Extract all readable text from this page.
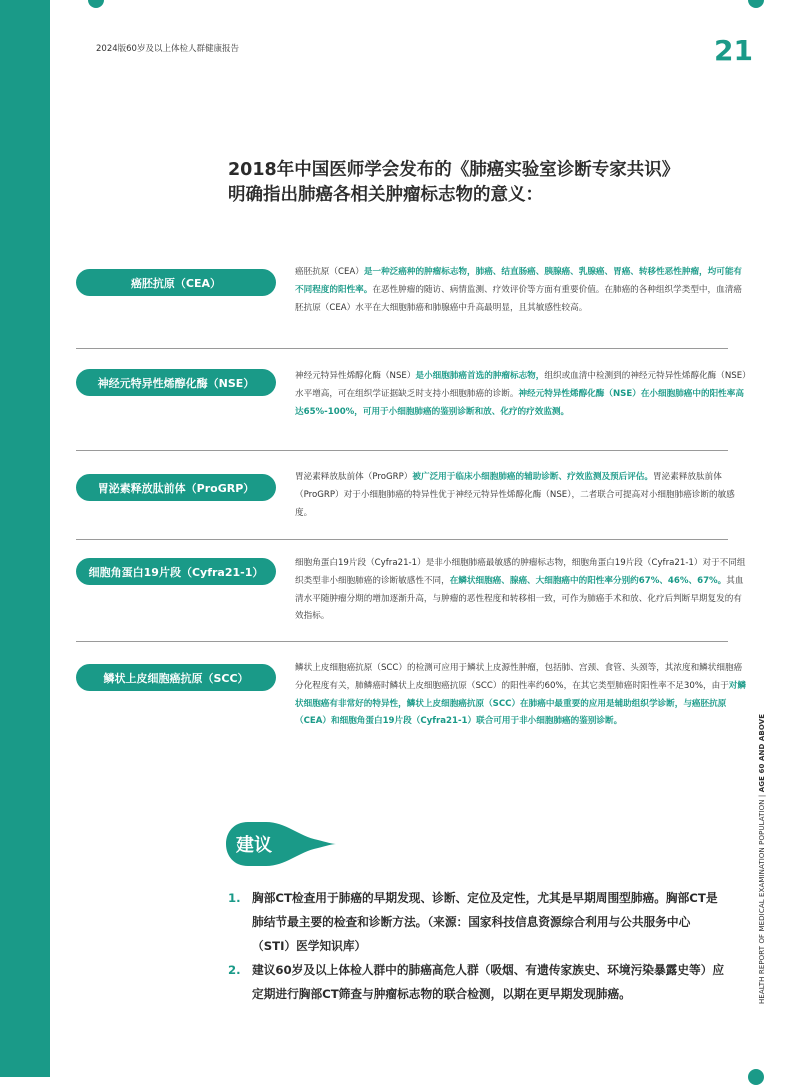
2024版60岁及以上体检人群健康报告	21
2018年中国医师学会发布的《肺癌实验室诊断专家共识》
明确指出肺癌各相关肿瘤标志物的意义：
癌胚抗原（CEA）
癌胚抗原（CEA）是一种泛癌种的肿瘤标志物，肺癌、结直肠癌、胰腺癌、乳腺癌、胃癌、转移性恶性肿瘤，均可能有不同程度的阳性率。在恶性肿瘤的随访、病情监测、疗效评价等方面有重要价值。在肺癌的各种组织学类型中，血清癌胚抗原（CEA）水平在大细胞肺癌和肺腺癌中升高最明显，且其敏感性较高。
神经元特异性烯醇化酶（NSE）
神经元特异性烯醇化酶（NSE）是小细胞肺癌首选的肿瘤标志物，组织或血清中检测到的神经元特异性烯醇化酶（NSE）水平增高，可在组织学证据缺乏时支持小细胞肺癌的诊断。神经元特异性烯醇化酶（NSE）在小细胞肺癌中的阳性率高达65%-100%，可用于小细胞肺癌的鉴别诊断和放、化疗的疗效监测。
胃泌素释放肽前体（ProGRP）
胃泌素释放肽前体（ProGRP）被广泛用于临床小细胞肺癌的辅助诊断、疗效监测及预后评估。胃泌素释放肽前体（ProGRP）对于小细胞肺癌的特异性优于神经元特异性烯醇化酶（NSE），二者联合可提高对小细胞肺癌诊断的敏感度。
细胞角蛋白19片段（Cyfra21-1）
细胞角蛋白19片段（Cyfra21-1）是非小细胞肺癌最敏感的肿瘤标志物，细胞角蛋白19片段（Cyfra21-1）对于不同组织类型非小细胞肺癌的诊断敏感性不同，在鳞状细胞癌、腺癌、大细胞癌中的阳性率分别约67%、46%、67%。其血清水平随肿瘤分期的增加逐渐升高，与肿瘤的恶性程度和转移相一致，可作为肺癌手术和放、化疗后判断早期复发的有效指标。
鳞状上皮细胞癌抗原（SCC）
鳞状上皮细胞癌抗原（SCC）的检测可应用于鳞状上皮源性肿瘤，包括肺、宫颈、食管、头颈等，其浓度和鳞状细胞癌分化程度有关，肺鳞癌时鳞状上皮细胞癌抗原（SCC）的阳性率约60%，在其它类型肺癌时阳性率不足30%，由于对鳞状细胞癌有非常好的特异性，鳞状上皮细胞癌抗原（SCC）在肺癌中最重要的应用是辅助组织学诊断，与癌胚抗原（CEA）和细胞角蛋白19片段（Cyfra21-1）联合可用于非小细胞肺癌的鉴别诊断。
建议
1. 胸部CT检查用于肺癌的早期发现、诊断、定位及定性，尤其是早期周围型肺癌。胸部CT是肺结节最主要的检查和诊断方法。（来源：国家科技信息资源综合利用与公共服务中心（STI）医学知识库）
2. 建议60岁及以上体检人群中的肺癌高危人群（吸烟、有遗传家族史、环境污染暴露史等）应定期进行胸部CT筛查与肿瘤标志物的联合检测，以期在更早期发现肺癌。	HEALTH REPORT OF MEDICAL EXAMINATION POPULATION | AGE 60 AND ABOVE
